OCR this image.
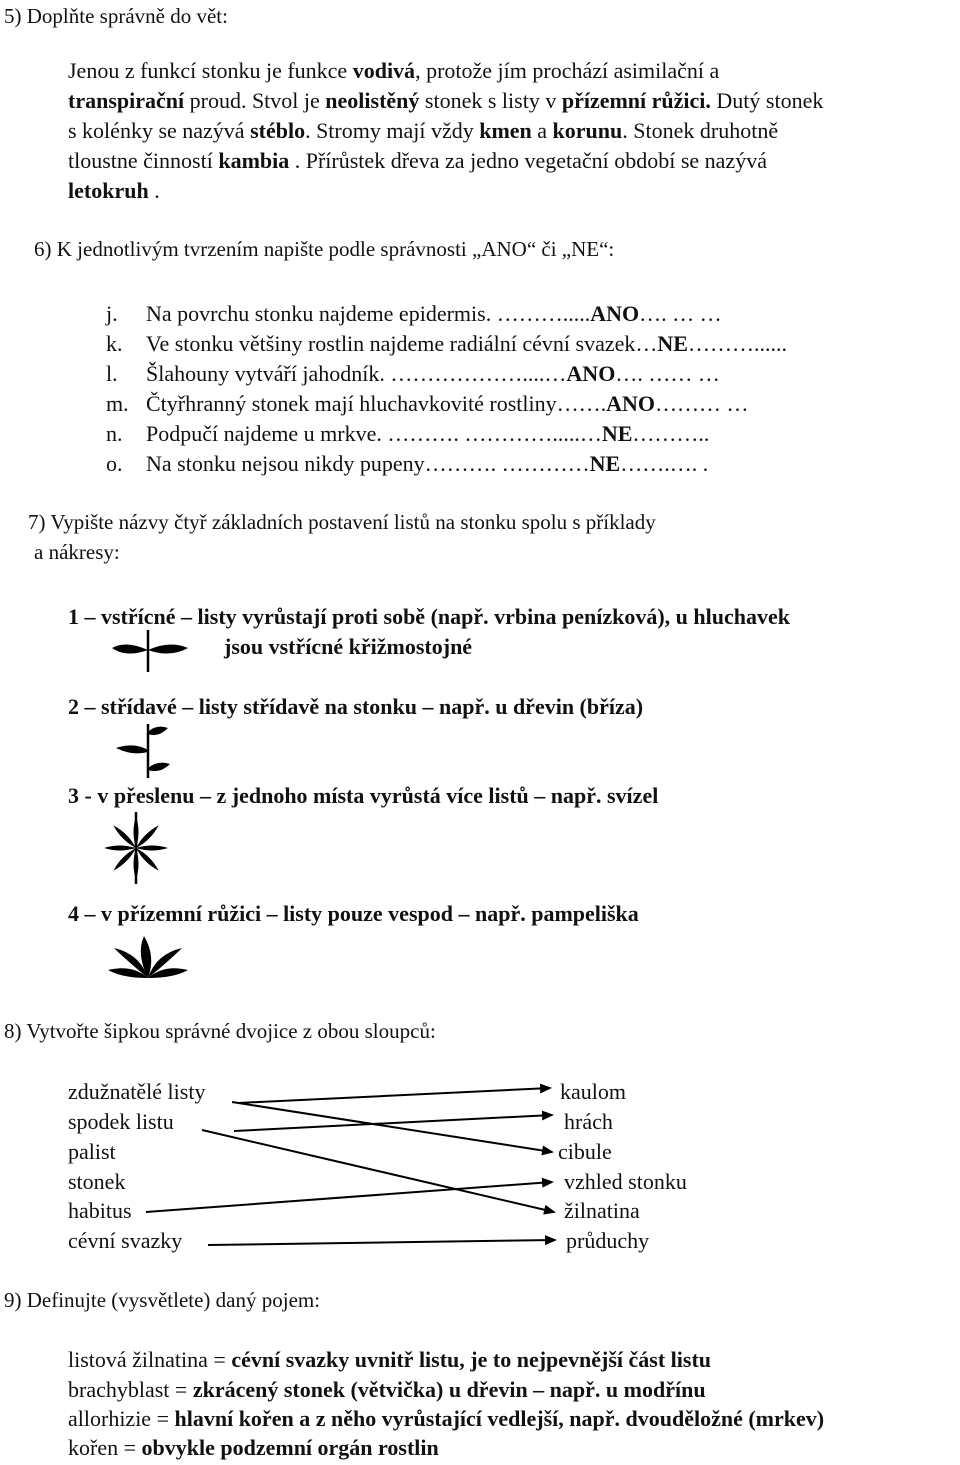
5) Doplňte správně do vět:
Jenou z funkcí stonku je funkce vodivá, protože jím prochází asimilační a
transpirační proud. Stvol je neolistěný stonek s listy v přízemní růžici. Dutý stonek
s kolénky se nazývá stéblo. Stromy mají vždy kmen a korunu. Stonek druhotně
tloustne činností kambia . Přírůstek dřeva za jedno vegetační období se nazývá
letokruh .
6) K jednotlivým tvrzením napište podle správnosti „ANO“ či „NE“:
j. Na povrchu stonku najdeme epidermis. ……….....ANO…. … …
k. Ve stonku většiny rostlin najdeme radiální cévní svazek…NE………......
l. Šlahouny vytváří jahodník. ………………....…ANO…. …… …
m. Čtyřhranný stonek mají hluchavkovité rostliny…….ANO……… …
n. Podpučí najdeme u mrkve. ………. ………….....…NE………..
o. Na stonku nejsou nikdy pupeny………. …………NE…….…. .
7) Vypište názvy čtyř základních postavení listů na stonku spolu s příklady
a nákresy:
1 – vstřícné – listy vyrůstají proti sobě (např. vrbina penízková), u hluchavek
jsou vstřícné křižmostojné
2 – střídavé – listy střídavě na stonku – např. u dřevin (bříza)
3 - v přeslenu – z jednoho místa vyrůstá více listů – např. svízel
4 – v přízemní růžici – listy pouze vespod – např. pampeliška
8) Vytvořte šipkou správné dvojice z obou sloupců:
zdužnatělé listy
spodek listu
palist
stonek
habitus
cévní svazky
kaulom
hrách
cibule
vzhled stonku
žilnatina
průduchy
9) Definujte (vysvětlete) daný pojem:
listová žilnatina = cévní svazky uvnitř listu, je to nejpevnější část listu
brachyblast = zkrácený stonek (větvička) u dřevin – např. u modřínu
allorhizie = hlavní kořen a z něho vyrůstající vedlejší, např. dvouděložné (mrkev)
kořen = obvykle podzemní orgán rostlin
